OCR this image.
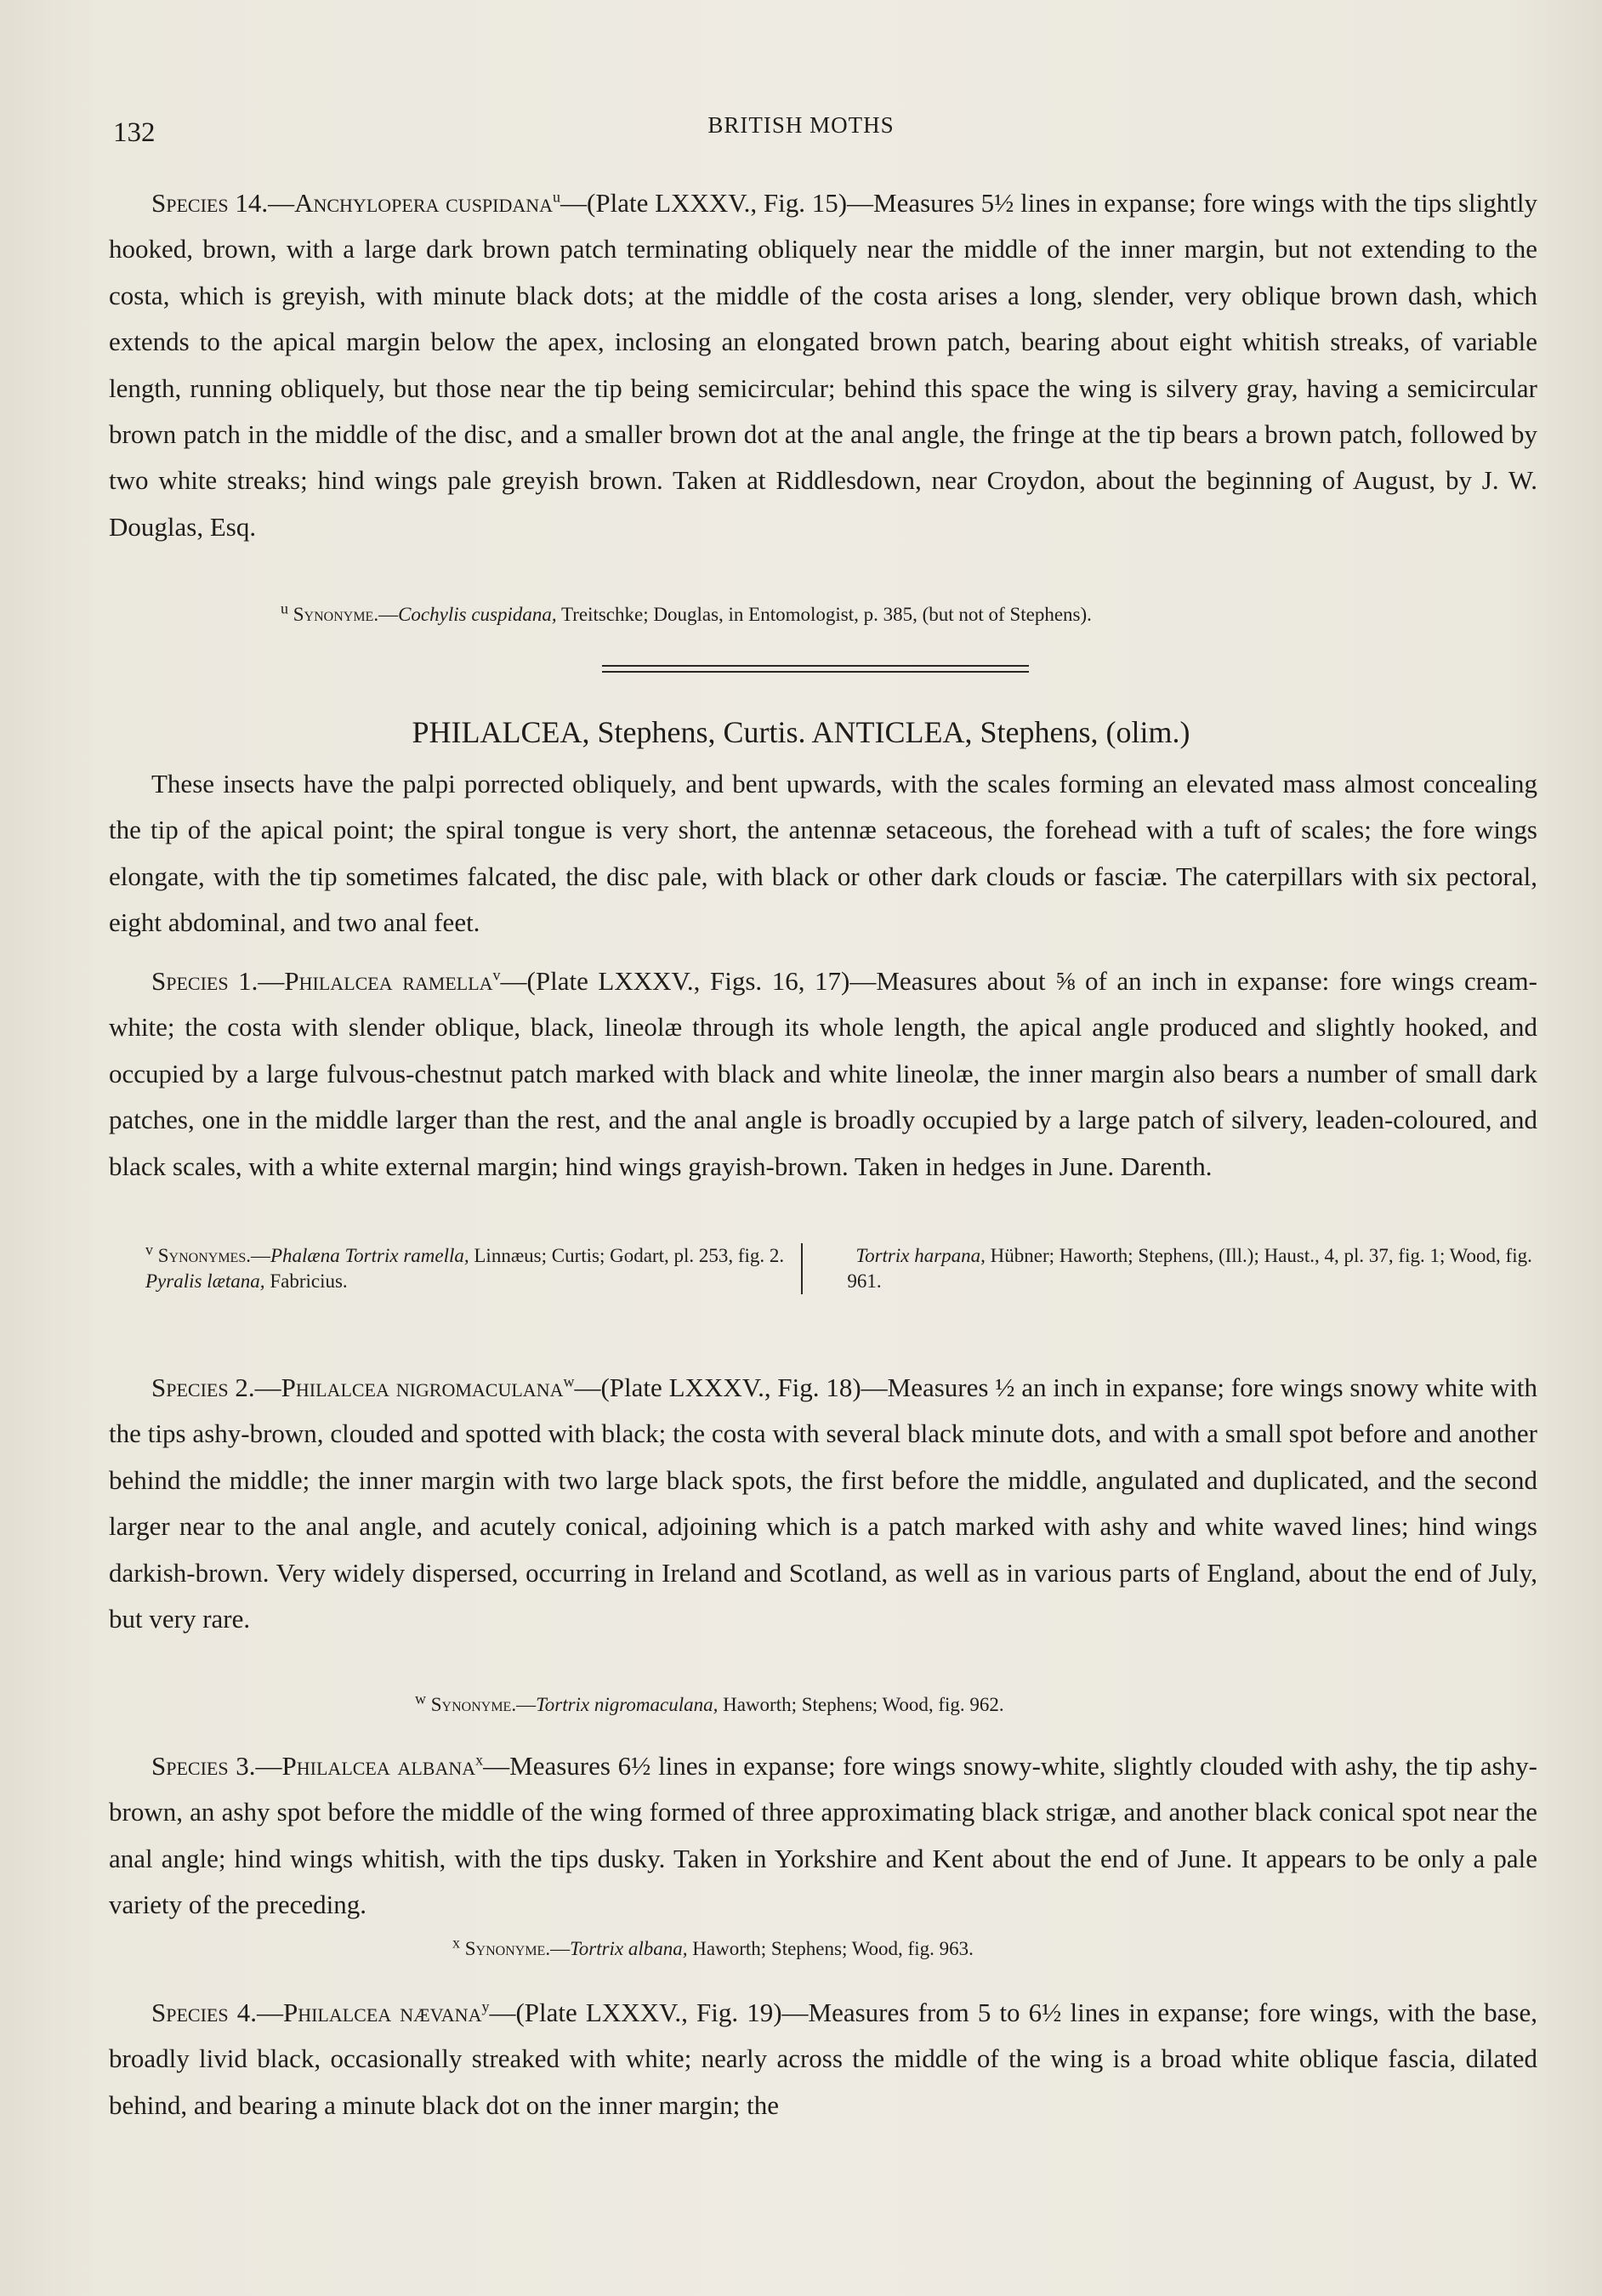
132	BRITISH MOTHS

Species 14.—Anchylopera cuspidana$^u$—(Plate LXXXV., Fig. 15)—Measures 5½ lines in expanse; fore wings with the tips slightly hooked, brown, with a large dark brown patch terminating obliquely near the middle of the inner margin, but not extending to the costa, which is greyish, with minute black dots; at the middle of the costa arises a long, slender, very oblique brown dash, which extends to the apical margin below the apex, inclosing an elongated brown patch, bearing about eight whitish streaks, of variable length, running obliquely, but those near the tip being semicircular; behind this space the wing is silvery gray, having a semicircular brown patch in the middle of the disc, and a smaller brown dot at the anal angle, the fringe at the tip bears a brown patch, followed by two white streaks; hind wings pale greyish brown. Taken at Riddlesdown, near Croydon, about the beginning of August, by J. W. Douglas, Esq.

$^u$ Synonyme.—Cochylis cuspidana, Treitschke; Douglas, in Entomologist, p. 385, (but not of Stephens).

PHILALCEA, Stephens, Curtis. ANTICLEA, Stephens, (olim.)

These insects have the palpi porrected obliquely, and bent upwards, with the scales forming an elevated mass almost concealing the tip of the apical point; the spiral tongue is very short, the antennæ setaceous, the forehead with a tuft of scales; the fore wings elongate, with the tip sometimes falcated, the disc pale, with black or other dark clouds or fasciæ. The caterpillars with six pectoral, eight abdominal, and two anal feet.

Species 1.—Philalcea ramella$^v$—(Plate LXXXV., Figs. 16, 17)—Measures about ⅝ of an inch in expanse: fore wings cream-white; the costa with slender oblique, black, lineolæ through its whole length, the apical angle produced and slightly hooked, and occupied by a large fulvous-chestnut patch marked with black and white lineolæ, the inner margin also bears a number of small dark patches, one in the middle larger than the rest, and the anal angle is broadly occupied by a large patch of silvery, leaden-coloured, and black scales, with a white external margin; hind wings grayish-brown. Taken in hedges in June. Darenth.

$^v$ Synonymes.—Phalæna Tortrix ramella, Linnæus; Curtis; Godart, pl. 253, fig. 2.

Pyralis lætana, Fabricius.

Tortrix harpana, Hübner; Haworth; Stephens, (Ill.); Haust., 4, pl. 37, fig. 1; Wood, fig. 961.

Species 2.—Philalcea nigromaculana$^w$—(Plate LXXXV., Fig. 18)—Measures ½ an inch in expanse; fore wings snowy white with the tips ashy-brown, clouded and spotted with black; the costa with several black minute dots, and with a small spot before and another behind the middle; the inner margin with two large black spots, the first before the middle, angulated and duplicated, and the second larger near to the anal angle, and acutely conical, adjoining which is a patch marked with ashy and white waved lines; hind wings darkish-brown. Very widely dispersed, occurring in Ireland and Scotland, as well as in various parts of England, about the end of July, but very rare.

$^w$ Synonyme.—Tortrix nigromaculana, Haworth; Stephens; Wood, fig. 962.

Species 3.—Philalcea albana$^x$—Measures 6½ lines in expanse; fore wings snowy-white, slightly clouded with ashy, the tip ashy-brown, an ashy spot before the middle of the wing formed of three approximating black strigæ, and another black conical spot near the anal angle; hind wings whitish, with the tips dusky. Taken in Yorkshire and Kent about the end of June. It appears to be only a pale variety of the preceding.

$^x$ Synonyme.—Tortrix albana, Haworth; Stephens; Wood, fig. 963.

Species 4.—Philalcea nævana$^y$—(Plate LXXXV., Fig. 19)—Measures from 5 to 6½ lines in expanse; fore wings, with the base, broadly livid black, occasionally streaked with white; nearly across the middle of the wing is a broad white oblique fascia, dilated behind, and bearing a minute black dot on the inner margin; the
